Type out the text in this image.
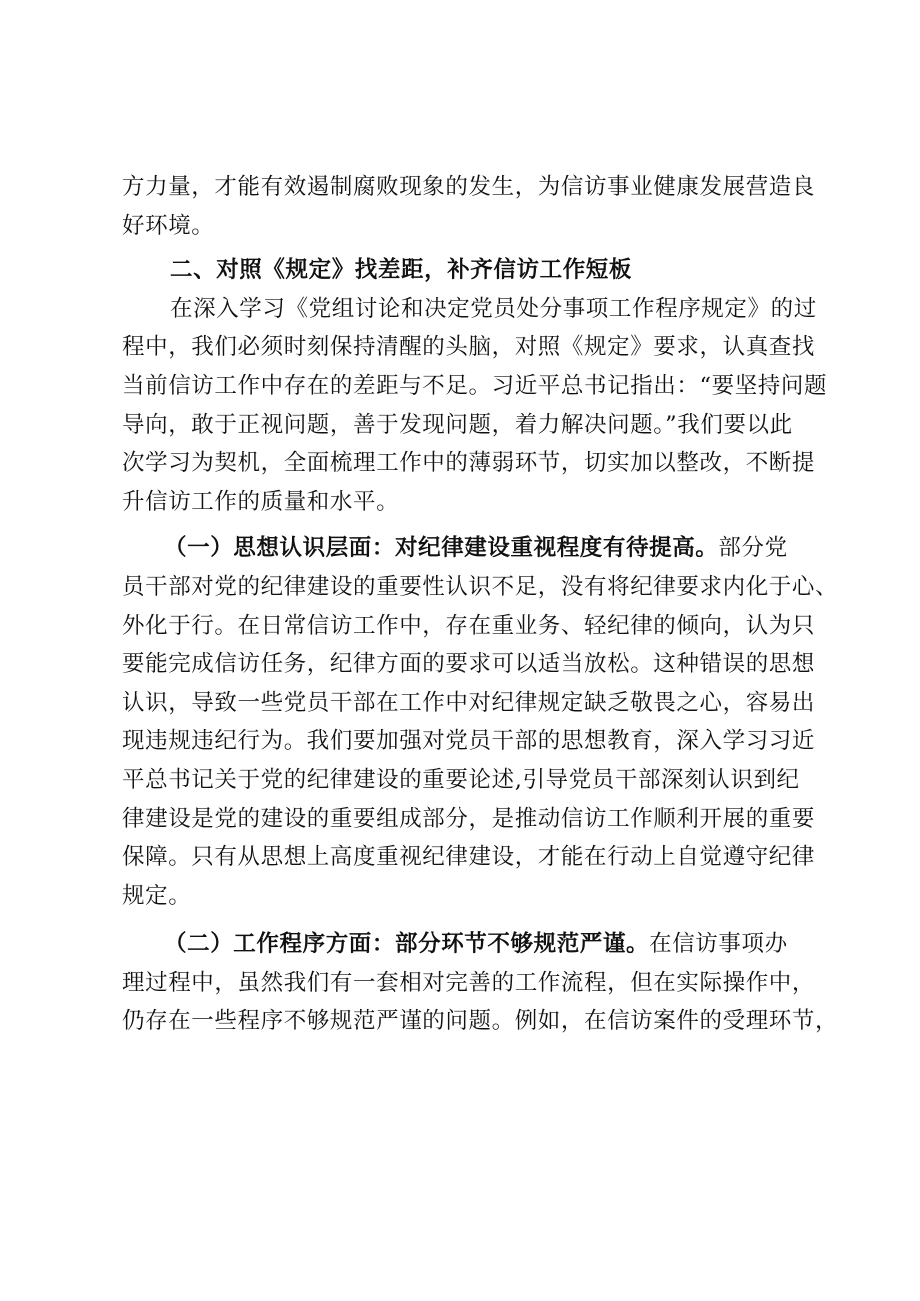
方力量，才能有效遏制腐败现象的发生，为信访事业健康发展营造良
好环境。
二、对照《规定》找差距，补齐信访工作短板
在深入学习《党组讨论和决定党员处分事项工作程序规定》的过
程中，我们必须时刻保持清醒的头脑，对照《规定》要求，认真查找
当前信访工作中存在的差距与不足。习近平总书记指出：“要坚持问题
导向，敢于正视问题，善于发现问题，着力解决问题。”我们要以此
次学习为契机，全面梳理工作中的薄弱环节，切实加以整改，不断提
升信访工作的质量和水平。
（一）思想认识层面：对纪律建设重视程度有待提高。部分党
员干部对党的纪律建设的重要性认识不足，没有将纪律要求内化于心、
外化于行。在日常信访工作中，存在重业务、轻纪律的倾向，认为只
要能完成信访任务，纪律方面的要求可以适当放松。这种错误的思想
认识，导致一些党员干部在工作中对纪律规定缺乏敬畏之心，容易出
现违规违纪行为。我们要加强对党员干部的思想教育，深入学习习近
平总书记关于党的纪律建设的重要论述,引导党员干部深刻认识到纪
律建设是党的建设的重要组成部分，是推动信访工作顺利开展的重要
保障。只有从思想上高度重视纪律建设，才能在行动上自觉遵守纪律
规定。
（二）工作程序方面：部分环节不够规范严谨。在信访事项办
理过程中，虽然我们有一套相对完善的工作流程，但在实际操作中，
仍存在一些程序不够规范严谨的问题。例如，在信访案件的受理环节，
